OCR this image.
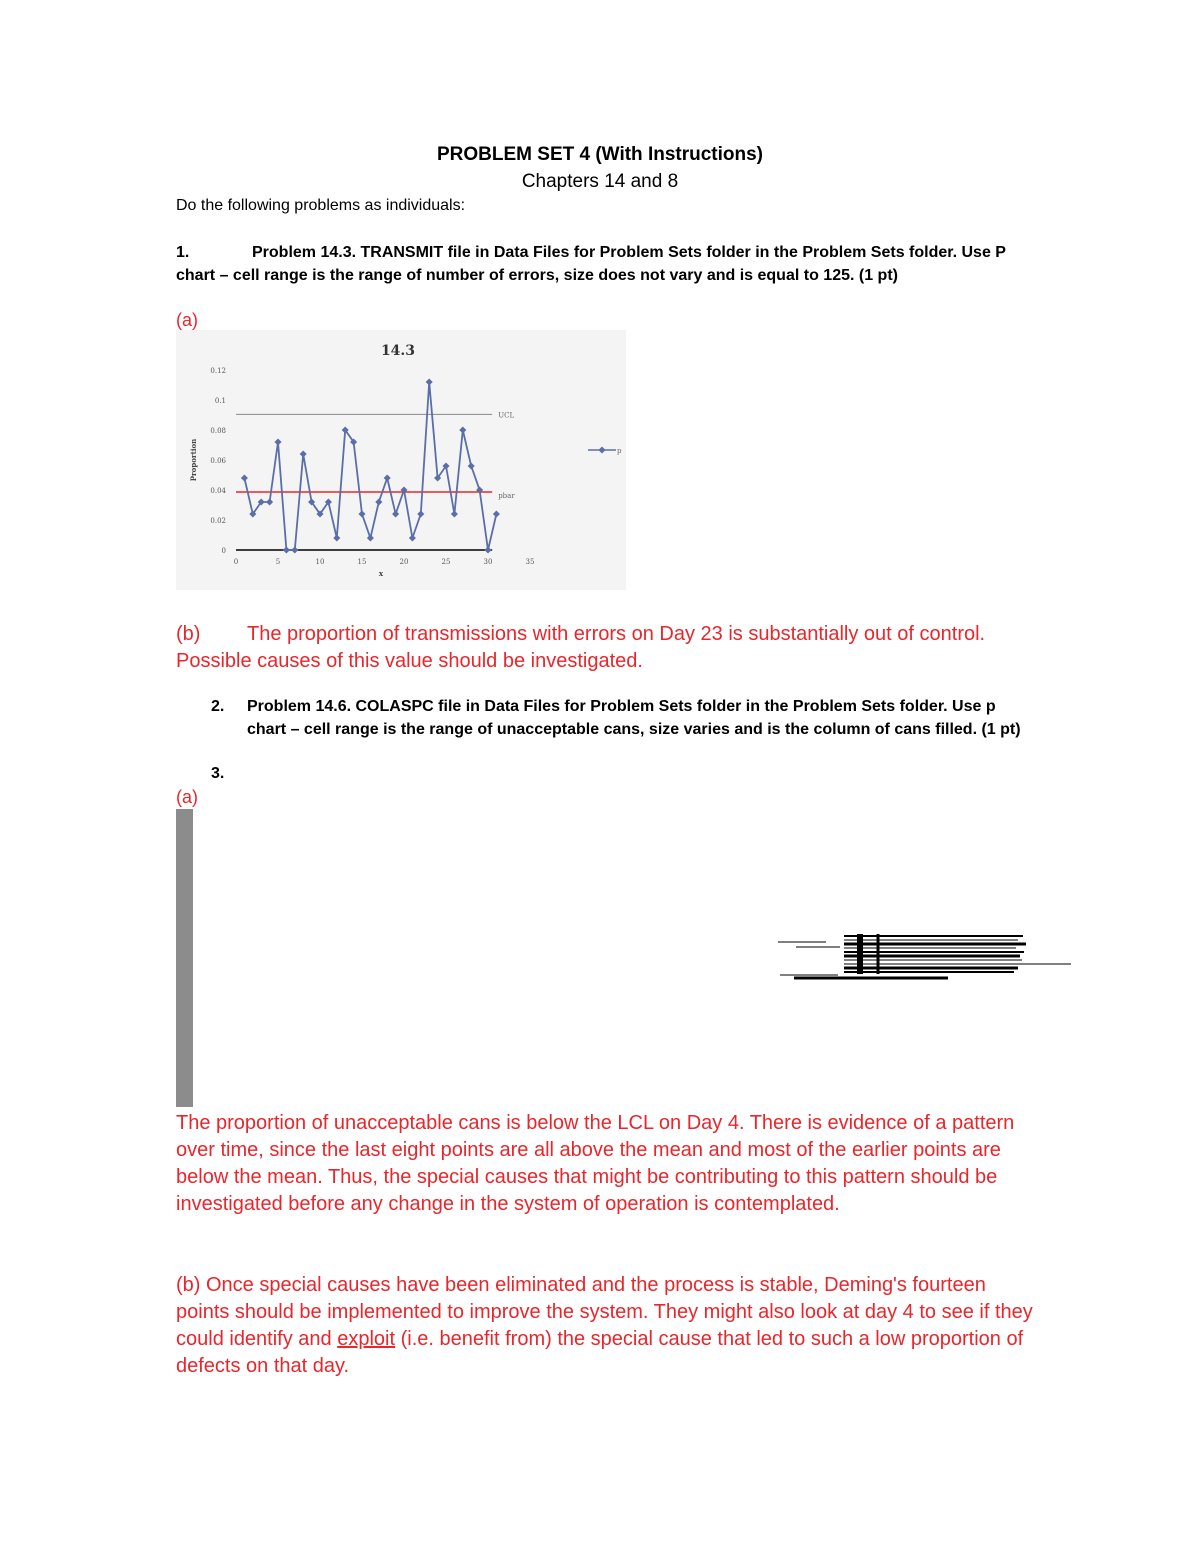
PROBLEM SET 4 (With Instructions)
Chapters 14 and 8
Do the following problems as individuals:
1.	Problem 14.3. TRANSMIT file in Data Files for Problem Sets folder in the Problem Sets folder. Use P chart – cell range is the range of number of errors, size does not vary and is equal to 125. (1 pt)
(a)
14.3
0
0.02
0.04
0.06
0.08
0.1
0.12
0	5	10	15	20	25	30	35
Proportion
x
UCL
pbar
p
(b) The proportion of transmissions with errors on Day 23 is substantially out of control. Possible causes of this value should be investigated.
2. Problem 14.6. COLASPC file in Data Files for Problem Sets folder in the Problem Sets folder. Use p chart – cell range is the range of unacceptable cans, size varies and is the column of cans filled. (1 pt)
3.
(a)
The proportion of unacceptable cans is below the LCL on Day 4. There is evidence of a pattern over time, since the last eight points are all above the mean and most of the earlier points are below the mean. Thus, the special causes that might be contributing to this pattern should be investigated before any change in the system of operation is contemplated.
(b) Once special causes have been eliminated and the process is stable, Deming's fourteen points should be implemented to improve the system. They might also look at day 4 to see if they could identify and exploit (i.e. benefit from) the special cause that led to such a low proportion of defects on that day.
